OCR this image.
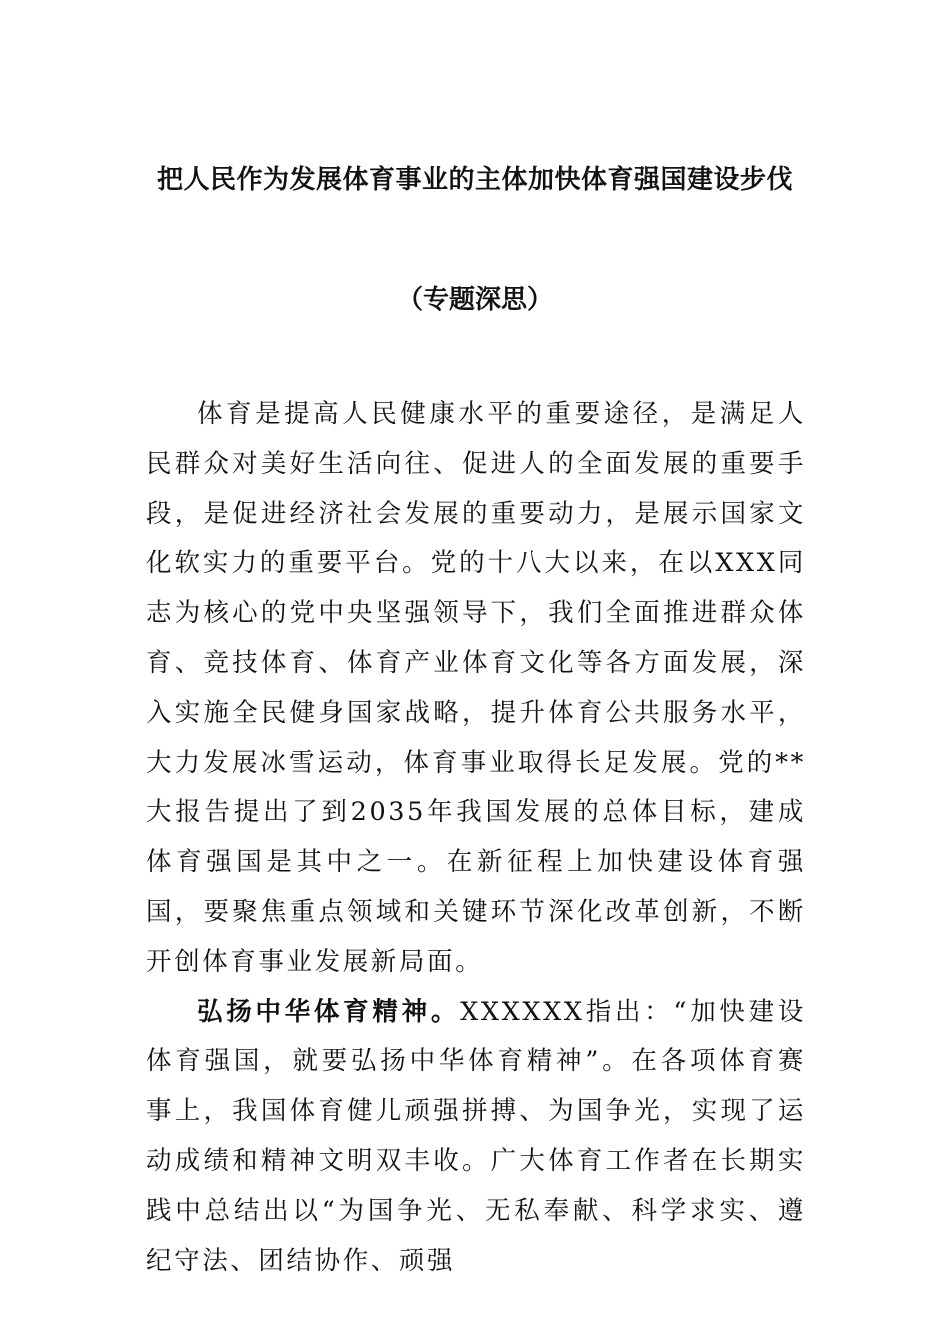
把人民作为发展体育事业的主体加快体育强国建设步伐
（专题深思）

体育是提高人民健康水平的重要途径，是满足人民群众对美好生活向往、促进人的全面发展的重要手段，是促进经济社会发展的重要动力，是展示国家文化软实力的重要平台。党的十八大以来，在以XXX同志为核心的党中央坚强领导下，我们全面推进群众体育、竞技体育、体育产业体育文化等各方面发展，深入实施全民健身国家战略，提升体育公共服务水平，大力发展冰雪运动，体育事业取得长足发展。党的**大报告提出了到2035年我国发展的总体目标，建成体育强国是其中之一。在新征程上加快建设体育强国，要聚焦重点领域和关键环节深化改革创新，不断开创体育事业发展新局面。

弘扬中华体育精神。XXXXXX指出：“加快建设体育强国，就要弘扬中华体育精神”。在各项体育赛事上，我国体育健儿顽强拼搏、为国争光，实现了运动成绩和精神文明双丰收。广大体育工作者在长期实践中总结出以“为国争光、无私奉献、科学求实、遵纪守法、团结协作、顽强
